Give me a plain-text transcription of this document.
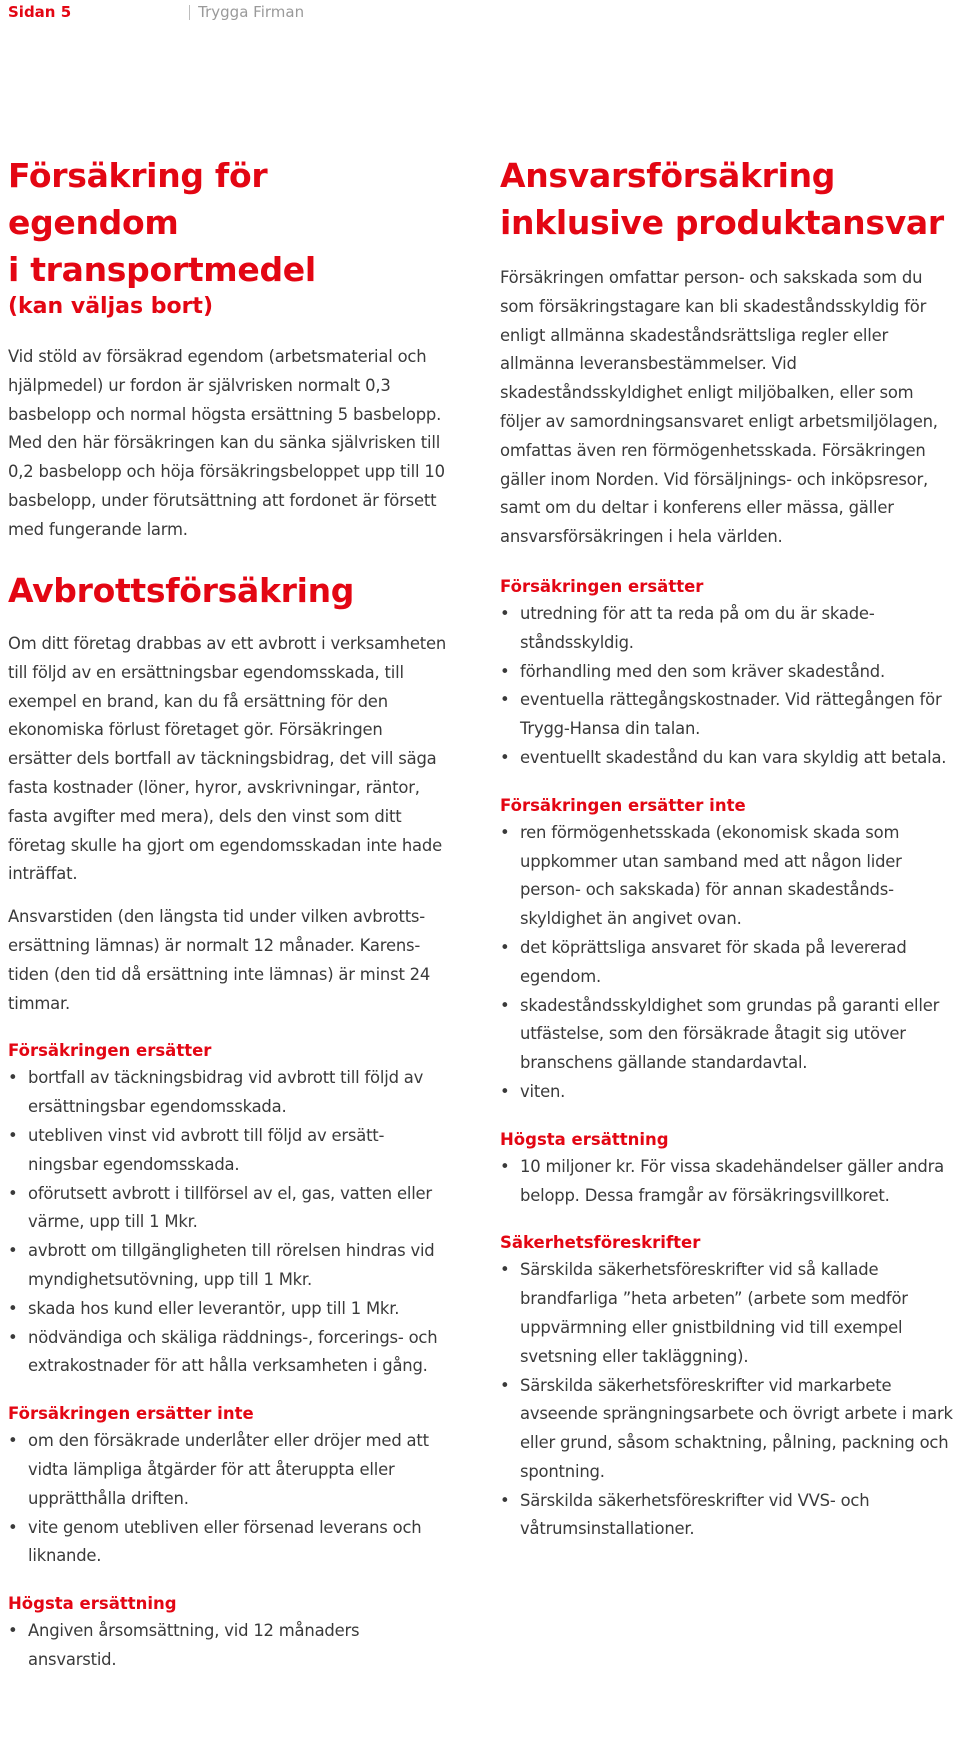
Sidan 5	Trygga Firman
Försäkring för egendom
i transportmedel
(kan väljas bort)

Vid stöld av försäkrad egendom (arbetsmaterial och hjälpmedel) ur fordon är självrisken normalt 0,3 basbelopp och normal högsta ersättning 5 basbelopp. Med den här försäkringen kan du sänka självrisken till 0,2 basbelopp och höja försäkringsbeloppet upp till 10 basbelopp, under förutsättning att fordonet är försett med fungerande larm.

Avbrottsförsäkring

Om ditt företag drabbas av ett avbrott i verksamheten till följd av en ersättningsbar egendomsskada, till exempel en brand, kan du få ersättning för den ekonomiska förlust företaget gör. Försäkringen ersätter dels bortfall av täckningsbidrag, det vill säga fasta kostnader (löner, hyror, avskrivningar, räntor, fasta avgifter med mera), dels den vinst som ditt företag skulle ha gjort om egendomsskadan inte hade inträffat.

Ansvarstiden (den längsta tid under vilken avbrottsersättning lämnas) är normalt 12 månader. Karenstiden (den tid då ersättning inte lämnas) är minst 24 timmar.

Försäkringen ersätter
• bortfall av täckningsbidrag vid avbrott till följd av ersättningsbar egendomsskada.
• utebliven vinst vid avbrott till följd av ersättningsbar egendomsskada.
• oförutsett avbrott i tillförsel av el, gas, vatten eller värme, upp till 1 Mkr.
• avbrott om tillgängligheten till rörelsen hindras vid myndighetsutövning, upp till 1 Mkr.
• skada hos kund eller leverantör, upp till 1 Mkr.
• nödvändiga och skäliga räddnings-, forcerings- och extrakostnader för att hålla verksamheten i gång.
Försäkringen ersätter inte
• om den försäkrade underlåter eller dröjer med att vidta lämpliga åtgärder för att återuppta eller upprätthålla driften.
• vite genom utebliven eller försenad leverans och liknande.
Högsta ersättning
• Angiven årsomsättning, vid 12 månaders ansvarstid.
Ansvarsförsäkring
inklusive produktansvar

Försäkringen omfattar person- och sakskada som du som försäkringstagare kan bli skadeståndsskyldig för enligt allmänna skadeståndsrättsliga regler eller allmänna leveransbestämmelser. Vid skadeståndsskyldighet enligt miljöbalken, eller som följer av samordningsansvaret enligt arbetsmiljölagen, omfattas även ren förmögenhetsskada. Försäkringen gäller inom Norden. Vid försäljnings- och inköpsresor, samt om du deltar i konferens eller mässa, gäller ansvarsförsäkringen i hela världen.

Försäkringen ersätter
• utredning för att ta reda på om du är skadeståndsskyldig.
• förhandling med den som kräver skadestånd.
• eventuella rättegångskostnader. Vid rättegången för Trygg-Hansa din talan.
• eventuellt skadestånd du kan vara skyldig att betala.
Försäkringen ersätter inte
• ren förmögenhetsskada (ekonomisk skada som uppkommer utan samband med att någon lider person- och sakskada) för annan skadeståndsskyldighet än angivet ovan.
• det köprättsliga ansvaret för skada på levererad egendom.
• skadeståndsskyldighet som grundas på garanti eller utfästelse, som den försäkrade åtagit sig utöver branschens gällande standardavtal.
• viten.
Högsta ersättning
• 10 miljoner kr. För vissa skadehändelser gäller andra belopp. Dessa framgår av försäkringsvillkoret.
Säkerhetsföreskrifter
• Särskilda säkerhetsföreskrifter vid så kallade brandfarliga ”heta arbeten” (arbete som medför uppvärmning eller gnistbildning vid till exempel svetsning eller takläggning).
• Särskilda säkerhetsföreskrifter vid markarbete avseende sprängningsarbete och övrigt arbete i mark eller grund, såsom schaktning, pålning, packning och spontning.
• Särskilda säkerhetsföreskrifter vid VVS- och våtrumsinstallationer.
